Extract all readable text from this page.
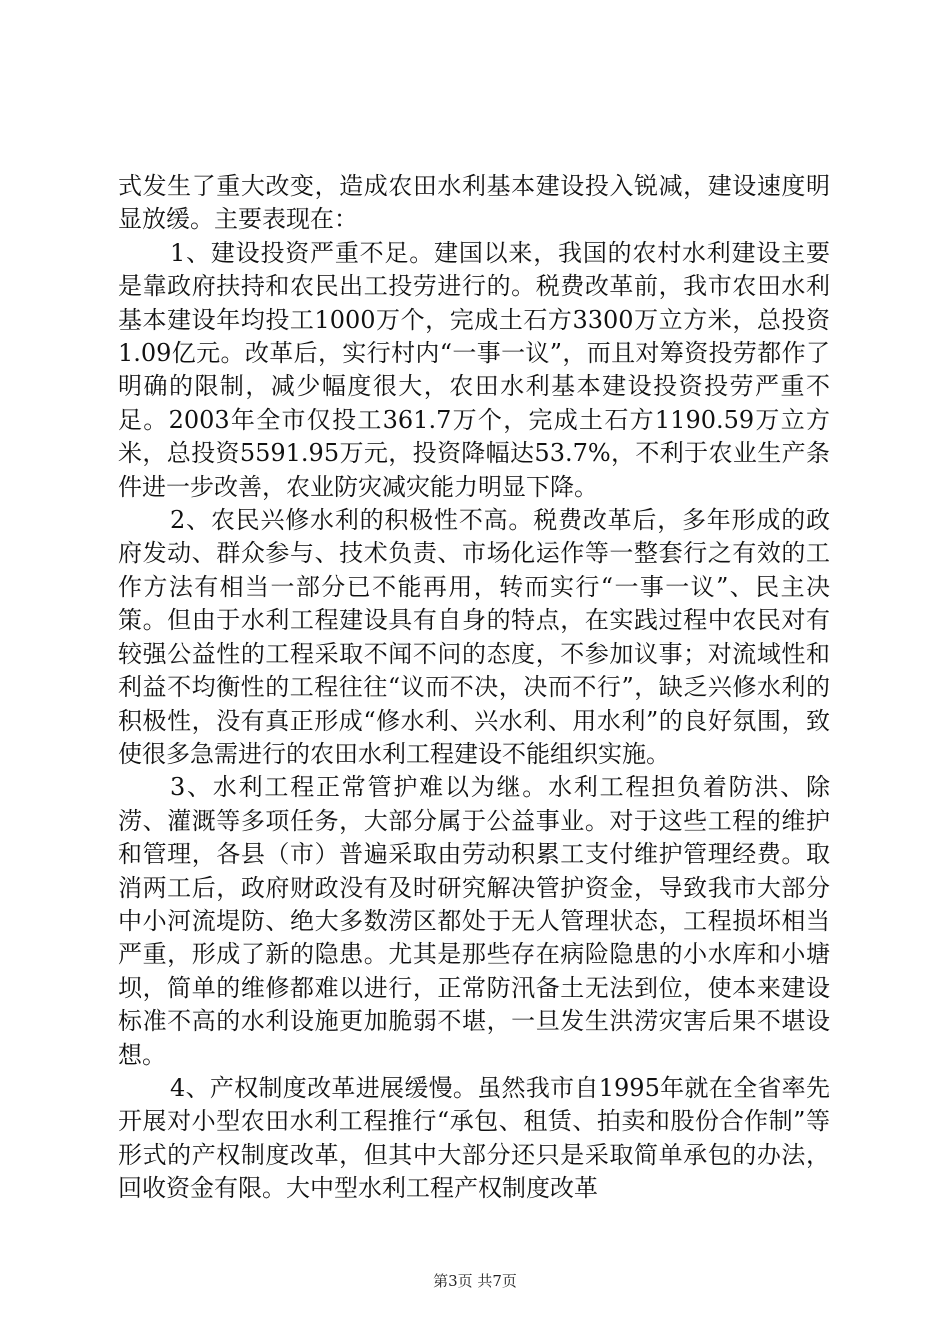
式发生了重大改变，造成农田水利基本建设投入锐减，建设速度明显放缓。主要表现在：

1、建设投资严重不足。建国以来，我国的农村水利建设主要是靠政府扶持和农民出工投劳进行的。税费改革前，我市农田水利基本建设年均投工1000万个，完成土石方3300万立方米，总投资1.09亿元。改革后，实行村内“一事一议”，而且对筹资投劳都作了明确的限制，减少幅度很大，农田水利基本建设投资投劳严重不足。2003年全市仅投工361.7万个，完成土石方1190.59万立方米，总投资5591.95万元，投资降幅达53.7%，不利于农业生产条件进一步改善，农业防灾减灾能力明显下降。

2、农民兴修水利的积极性不高。税费改革后，多年形成的政府发动、群众参与、技术负责、市场化运作等一整套行之有效的工作方法有相当一部分已不能再用，转而实行“一事一议”、民主决策。但由于水利工程建设具有自身的特点，在实践过程中农民对有较强公益性的工程采取不闻不问的态度，不参加议事；对流域性和利益不均衡性的工程往往“议而不决，决而不行”，缺乏兴修水利的积极性，没有真正形成“修水利、兴水利、用水利”的良好氛围，致使很多急需进行的农田水利工程建设不能组织实施。

3、水利工程正常管护难以为继。水利工程担负着防洪、除涝、灌溉等多项任务，大部分属于公益事业。对于这些工程的维护和管理，各县（市）普遍采取由劳动积累工支付维护管理经费。取消两工后，政府财政没有及时研究解决管护资金，导致我市大部分中小河流堤防、绝大多数涝区都处于无人管理状态，工程损坏相当严重，形成了新的隐患。尤其是那些存在病险隐患的小水库和小塘坝，简单的维修都难以进行，正常防汛备土无法到位，使本来建设标准不高的水利设施更加脆弱不堪，一旦发生洪涝灾害后果不堪设想。

4、产权制度改革进展缓慢。虽然我市自1995年就在全省率先开展对小型农田水利工程推行“承包、租赁、拍卖和股份合作制”等形式的产权制度改革，但其中大部分还只是采取简单承包的办法，回收资金有限。大中型水利工程产权制度改革

第3页 共7页
